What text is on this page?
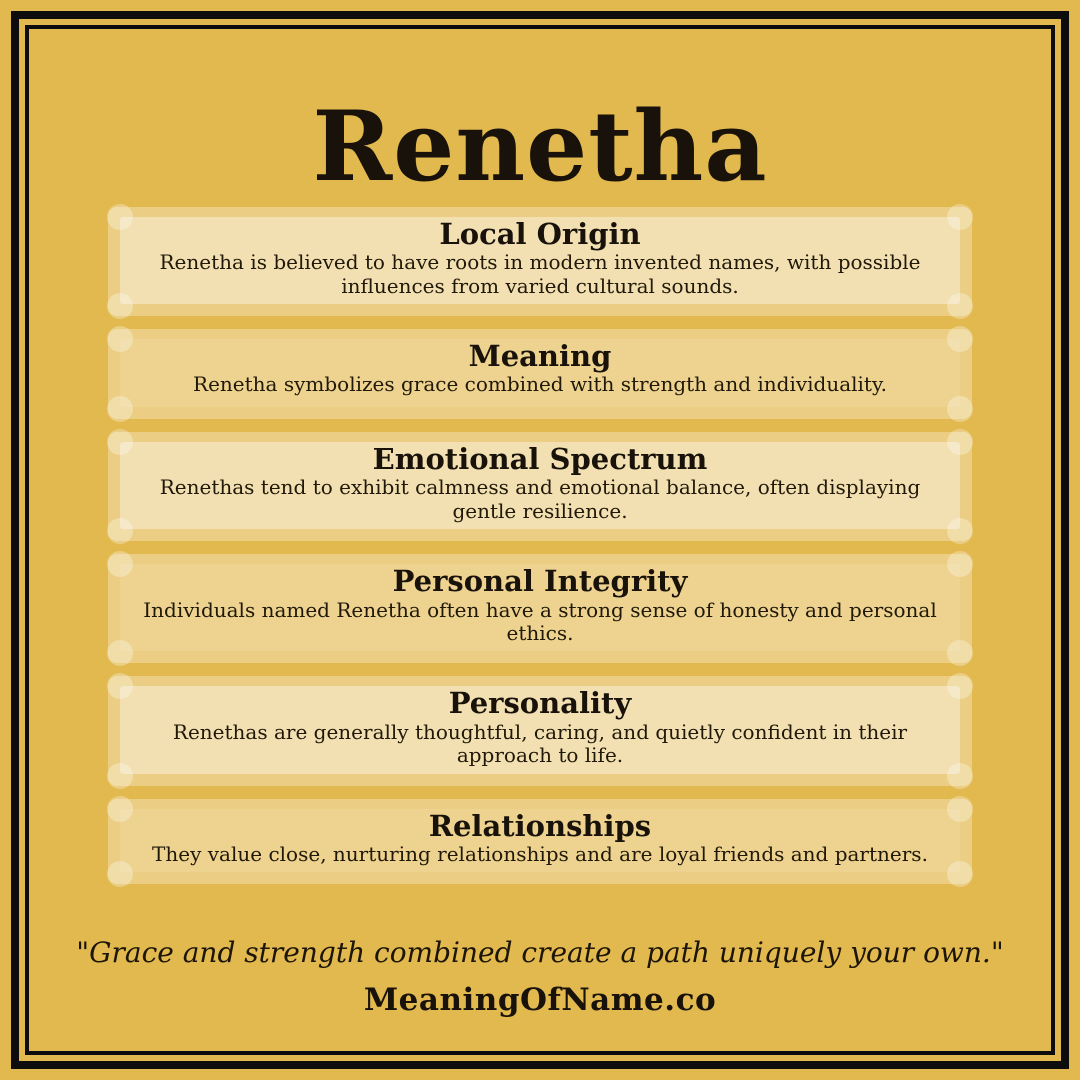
Renetha
Local Origin

Renetha is believed to have roots in modern invented names, with possible influences from varied cultural sounds.

Meaning

Renetha symbolizes grace combined with strength and individuality.

Emotional Spectrum

Renethas tend to exhibit calmness and emotional balance, often displaying gentle resilience.

Personal Integrity

Individuals named Renetha often have a strong sense of honesty and personal ethics.

Personality

Renethas are generally thoughtful, caring, and quietly confident in their approach to life.

Relationships

They value close, nurturing relationships and are loyal friends and partners.

"Grace and strength combined create a path uniquely your own."
MeaningOfName.co
